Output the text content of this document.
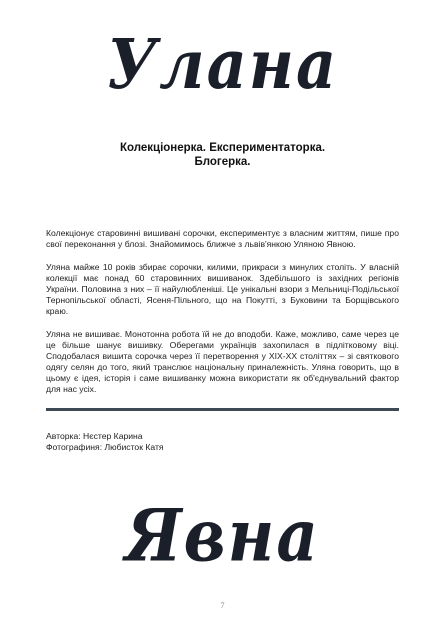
Улана
Колекціонерка. Експериментаторка.
Блогерка.

Колекціонує старовинні вишивані сорочки, експериментує з власним життям, пише про свої переконання у блозі. Знайомимось ближче з львів'янкою Уляною Явною.

Уляна майже 10 років збирає сорочки, килими, прикраси з минулих століть. У власній колекції має понад 60 старовинних вишиванок. Здебільшого із західних регіонів України. Половина з них – її найулюбленіші. Це унікальні взори з Мельниці-Подільської Тернопільської області, Ясеня-Пільного, що на Покутті, з Буковини та Борщівського краю.

Уляна не вишиває. Монотонна робота їй не до вподоби. Каже, можливо, саме через це це більше шанує вишивку. Оберегами українців захопилася в підлітковому віці. Сподобалася вишита сорочка через її перетворення у XIX-XX століттях – зі святкового одягу селян до того, який транслює національну приналежність. Уляна говорить, що в цьому є ідея, історія і саме вишиванку можна використати як об'єднувальний фактор для нас усіх.

Авторка: Нєстер Карина
Фотографиня: Любисток Катя
Явна
7
